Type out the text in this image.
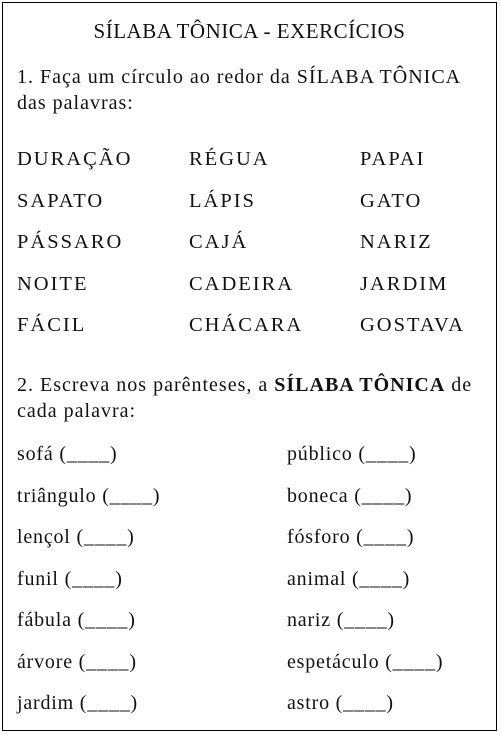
SÍLABA TÔNICA - EXERCÍCIOS
1. Faça um círculo ao redor da SÍLABA TÔNICA das palavras:
DURAÇÃO	RÉGUA	PAPAI
SAPATO	LÁPIS	GATO
PÁSSARO	CAJÁ	NARIZ
NOITE	CADEIRA	JARDIM
FÁCIL	CHÁCARA	GOSTAVA
2. Escreva nos parênteses, a SÍLABA TÔNICA de cada palavra:
sofá (____)	público (____)
triângulo (____)	boneca (____)
lençol (____)	fósforo (____)
funil (____)	animal (____)
fábula (____)	nariz (____)
árvore (____)	espetáculo (____)
jardim (____)	astro (____)
